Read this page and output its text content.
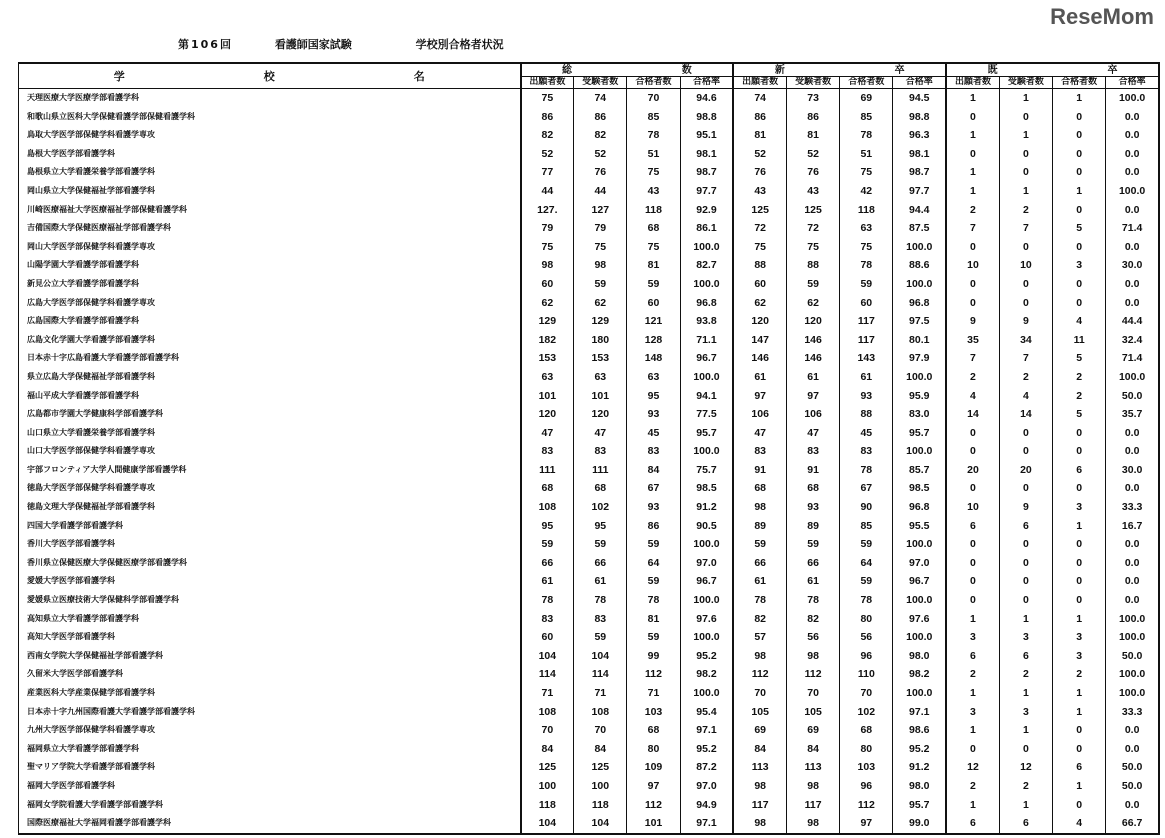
第106回	看護師国家試験	学校別合格者状況
学 校 名	総 数				新 卒				既 卒			
	出願者数	受験者数	合格者数	合格率	出願者数	受験者数	合格者数	合格率	出願者数	受験者数	合格者数	合格率
天理医療大学医療学部看護学科	75	74	70	94.6	74	73	69	94.5	1	1	1	100.0
和歌山県立医科大学保健看護学部保健看護学科	86	86	85	98.8	86	86	85	98.8	0	0	0	0.0
鳥取大学医学部保健学科看護学専攻	82	82	78	95.1	81	81	78	96.3	1	1	0	0.0
島根大学医学部看護学科	52	52	51	98.1	52	52	51	98.1	0	0	0	0.0
島根県立大学看護栄養学部看護学科	77	76	75	98.7	76	76	75	98.7	1	0	0	0.0
岡山県立大学保健福祉学部看護学科	44	44	43	97.7	43	43	42	97.7	1	1	1	100.0
川崎医療福祉大学医療福祉学部保健看護学科	127.	127	118	92.9	125	125	118	94.4	2	2	0	0.0
吉備国際大学保健医療福祉学部看護学科	79	79	68	86.1	72	72	63	87.5	7	7	5	71.4
岡山大学医学部保健学科看護学専攻	75	75	75	100.0	75	75	75	100.0	0	0	0	0.0
山陽学園大学看護学部看護学科	98	98	81	82.7	88	88	78	88.6	10	10	3	30.0
新見公立大学看護学部看護学科	60	59	59	100.0	60	59	59	100.0	0	0	0	0.0
広島大学医学部保健学科看護学専攻	62	62	60	96.8	62	62	60	96.8	0	0	0	0.0
広島国際大学看護学部看護学科	129	129	121	93.8	120	120	117	97.5	9	9	4	44.4
広島文化学園大学看護学部看護学科	182	180	128	71.1	147	146	117	80.1	35	34	11	32.4
日本赤十字広島看護大学看護学部看護学科	153	153	148	96.7	146	146	143	97.9	7	7	5	71.4
県立広島大学保健福祉学部看護学科	63	63	63	100.0	61	61	61	100.0	2	2	2	100.0
福山平成大学看護学部看護学科	101	101	95	94.1	97	97	93	95.9	4	4	2	50.0
広島都市学園大学健康科学部看護学科	120	120	93	77.5	106	106	88	83.0	14	14	5	35.7
山口県立大学看護栄養学部看護学科	47	47	45	95.7	47	47	45	95.7	0	0	0	0.0
山口大学医学部保健学科看護学専攻	83	83	83	100.0	83	83	83	100.0	0	0	0	0.0
宇部フロンティア大学人間健康学部看護学科	111	111	84	75.7	91	91	78	85.7	20	20	6	30.0
徳島大学医学部保健学科看護学専攻	68	68	67	98.5	68	68	67	98.5	0	0	0	0.0
徳島文理大学保健福祉学部看護学科	108	102	93	91.2	98	93	90	96.8	10	9	3	33.3
四国大学看護学部看護学科	95	95	86	90.5	89	89	85	95.5	6	6	1	16.7
香川大学医学部看護学科	59	59	59	100.0	59	59	59	100.0	0	0	0	0.0
香川県立保健医療大学保健医療学部看護学科	66	66	64	97.0	66	66	64	97.0	0	0	0	0.0
愛媛大学医学部看護学科	61	61	59	96.7	61	61	59	96.7	0	0	0	0.0
愛媛県立医療技術大学保健科学部看護学科	78	78	78	100.0	78	78	78	100.0	0	0	0	0.0
高知県立大学看護学部看護学科	83	83	81	97.6	82	82	80	97.6	1	1	1	100.0
高知大学医学部看護学科	60	59	59	100.0	57	56	56	100.0	3	3	3	100.0
西南女学院大学保健福祉学部看護学科	104	104	99	95.2	98	98	96	98.0	6	6	3	50.0
久留米大学医学部看護学科	114	114	112	98.2	112	112	110	98.2	2	2	2	100.0
産業医科大学産業保健学部看護学科	71	71	71	100.0	70	70	70	100.0	1	1	1	100.0
日本赤十字九州国際看護大学看護学部看護学科	108	108	103	95.4	105	105	102	97.1	3	3	1	33.3
九州大学医学部保健学科看護学専攻	70	70	68	97.1	69	69	68	98.6	1	1	0	0.0
福岡県立大学看護学部看護学科	84	84	80	95.2	84	84	80	95.2	0	0	0	0.0
聖マリア学院大学看護学部看護学科	125	125	109	87.2	113	113	103	91.2	12	12	6	50.0
福岡大学医学部看護学科	100	100	97	97.0	98	98	96	98.0	2	2	1	50.0
福岡女学院看護大学看護学部看護学科	118	118	112	94.9	117	117	112	95.7	1	1	0	0.0
国際医療福祉大学福岡看護学部看護学科	104	104	101	97.1	98	98	97	99.0	6	6	4	66.7
ReseMom
